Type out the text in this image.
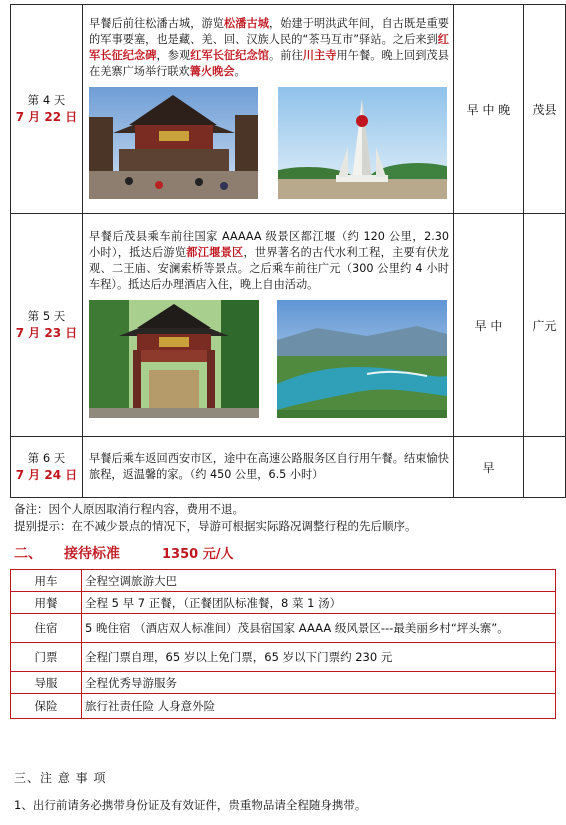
第 4 天
7 月 22 日	早餐后前往松潘古城，游览松潘古城，始建于明洪武年间，自古既是重要的军事要塞，也是藏、羌、回、汉族人民的“茶马互市”驿站。之后来到红军长征纪念碑，参观红军长征纪念馆。前往川主寺用午餐。晚上回到茂县在羌寨广场举行联欢篝火晚会。	早 中 晚	茂县

第 5 天
7 月 23 日	早餐后茂县乘车前往国家 AAAAA 级景区都江堰（约 120 公里，2.30 小时），抵达后游览都江堰景区，世界著名的古代水利工程，主要有伏龙观、二王庙、安澜索桥等景点。之后乘车前往广元（300 公里约 4 小时车程）。抵达后办理酒店入住，晚上自由活动。	早 中	广元

第 6 天
7 月 24 日	早餐后乘车返回西安市区，途中在高速公路服务区自行用午餐。结束愉快旅程，返温馨的家。（约 450 公里，6.5 小时）	早	
备注：因个人原因取消行程内容，费用不退。
提别提示：在不减少景点的情况下，导游可根据实际路况调整行程的先后顺序。
二、 接待标准	1350 元/人
用车	全程空调旅游大巴
用餐	全程 5 早 7 正餐，（正餐团队标准餐，8 菜 1 汤）
住宿	5 晚住宿 （酒店双人标准间）茂县宿国家 AAAA 级风景区---最美丽乡村“坪头寨”。
门票	全程门票自理，65 岁以上免门票，65 岁以下门票约 230 元
导服	全程优秀导游服务
保险	旅行社责任险 人身意外险
三、注 意 事 项
1、出行前请务必携带身份证及有效证件，贵重物品请全程随身携带。
